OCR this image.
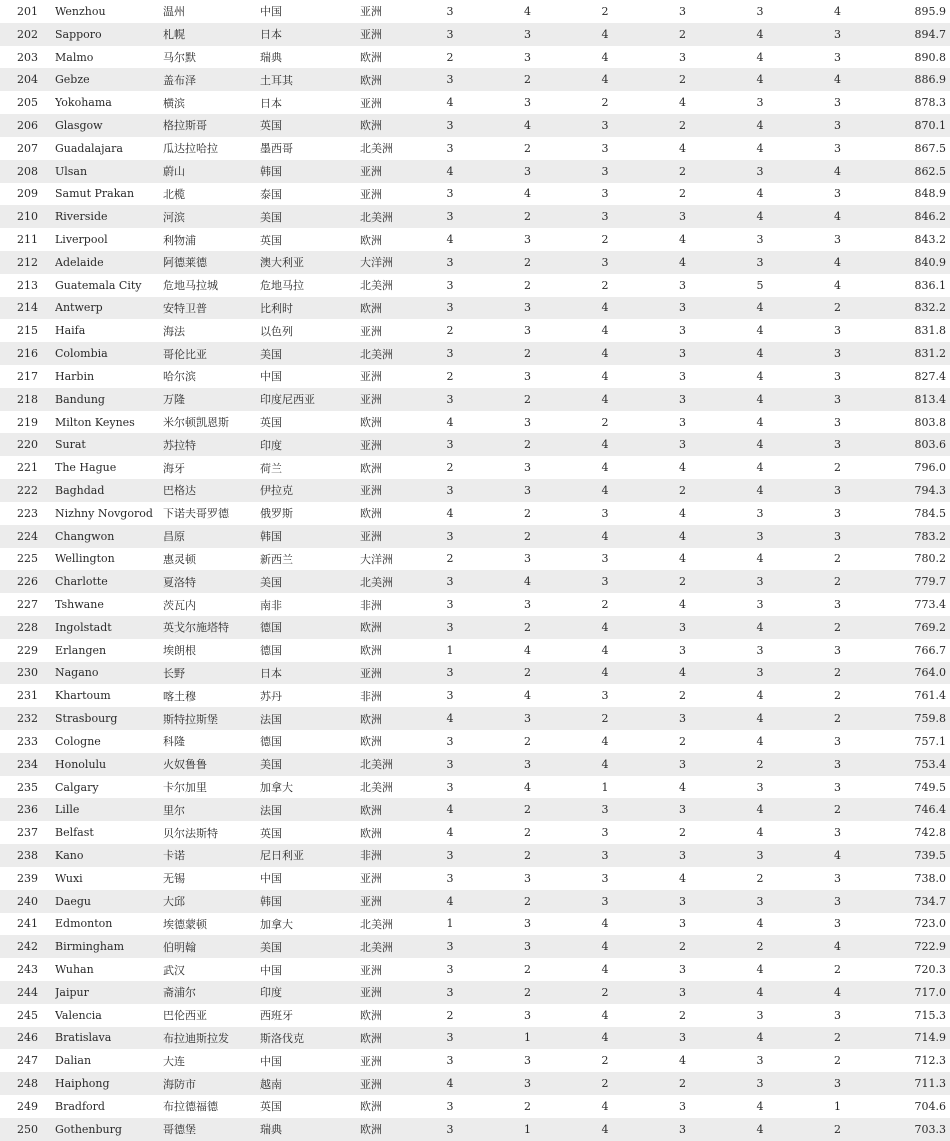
201	Wenzhou	温州	中国	亚洲	3	4	2	3	3	4	895.9
202	Sapporo	札幌	日本	亚洲	3	3	4	2	4	3	894.7
203	Malmo	马尔默	瑞典	欧洲	2	3	4	3	4	3	890.8
204	Gebze	盖布泽	土耳其	欧洲	3	2	4	2	4	4	886.9
205	Yokohama	横滨	日本	亚洲	4	3	2	4	3	3	878.3
206	Glasgow	格拉斯哥	英国	欧洲	3	4	3	2	4	3	870.1
207	Guadalajara	瓜达拉哈拉	墨西哥	北美洲	3	2	3	4	4	3	867.5
208	Ulsan	蔚山	韩国	亚洲	4	3	3	2	3	4	862.5
209	Samut Prakan	北榄	泰国	亚洲	3	4	3	2	4	3	848.9
210	Riverside	河滨	美国	北美洲	3	2	3	3	4	4	846.2
211	Liverpool	利物浦	英国	欧洲	4	3	2	4	3	3	843.2
212	Adelaide	阿德莱德	澳大利亚	大洋洲	3	2	3	4	3	4	840.9
213	Guatemala City	危地马拉城	危地马拉	北美洲	3	2	2	3	5	4	836.1
214	Antwerp	安特卫普	比利时	欧洲	3	3	4	3	4	2	832.2
215	Haifa	海法	以色列	亚洲	2	3	4	3	4	3	831.8
216	Colombia	哥伦比亚	美国	北美洲	3	2	4	3	4	3	831.2
217	Harbin	哈尔滨	中国	亚洲	2	3	4	3	4	3	827.4
218	Bandung	万隆	印度尼西亚	亚洲	3	2	4	3	4	3	813.4
219	Milton Keynes	米尔顿凯恩斯	英国	欧洲	4	3	2	3	4	3	803.8
220	Surat	苏拉特	印度	亚洲	3	2	4	3	4	3	803.6
221	The Hague	海牙	荷兰	欧洲	2	3	4	4	4	2	796.0
222	Baghdad	巴格达	伊拉克	亚洲	3	3	4	2	4	3	794.3
223	Nizhny Novgorod	下诺夫哥罗德	俄罗斯	欧洲	4	2	3	4	3	3	784.5
224	Changwon	昌原	韩国	亚洲	3	2	4	4	3	3	783.2
225	Wellington	惠灵顿	新西兰	大洋洲	2	3	3	4	4	2	780.2
226	Charlotte	夏洛特	美国	北美洲	3	4	3	2	3	2	779.7
227	Tshwane	茨瓦内	南非	非洲	3	3	2	4	3	3	773.4
228	Ingolstadt	英戈尔施塔特	德国	欧洲	3	2	4	3	4	2	769.2
229	Erlangen	埃朗根	德国	欧洲	1	4	4	3	3	3	766.7
230	Nagano	长野	日本	亚洲	3	2	4	4	3	2	764.0
231	Khartoum	喀土穆	苏丹	非洲	3	4	3	2	4	2	761.4
232	Strasbourg	斯特拉斯堡	法国	欧洲	4	3	2	3	4	2	759.8
233	Cologne	科隆	德国	欧洲	3	2	4	2	4	3	757.1
234	Honolulu	火奴鲁鲁	美国	北美洲	3	3	4	3	2	3	753.4
235	Calgary	卡尔加里	加拿大	北美洲	3	4	1	4	3	3	749.5
236	Lille	里尔	法国	欧洲	4	2	3	3	4	2	746.4
237	Belfast	贝尔法斯特	英国	欧洲	4	2	3	2	4	3	742.8
238	Kano	卡诺	尼日利亚	非洲	3	2	3	3	3	4	739.5
239	Wuxi	无锡	中国	亚洲	3	3	3	4	2	3	738.0
240	Daegu	大邱	韩国	亚洲	4	2	3	3	3	3	734.7
241	Edmonton	埃德蒙顿	加拿大	北美洲	1	3	4	3	4	3	723.0
242	Birmingham	伯明翰	美国	北美洲	3	3	4	2	2	4	722.9
243	Wuhan	武汉	中国	亚洲	3	2	4	3	4	2	720.3
244	Jaipur	斋浦尔	印度	亚洲	3	2	2	3	4	4	717.0
245	Valencia	巴伦西亚	西班牙	欧洲	2	3	4	2	3	3	715.3
246	Bratislava	布拉迪斯拉发	斯洛伐克	欧洲	3	1	4	3	4	2	714.9
247	Dalian	大连	中国	亚洲	3	3	2	4	3	2	712.3
248	Haiphong	海防市	越南	亚洲	4	3	2	2	3	3	711.3
249	Bradford	布拉德福德	英国	欧洲	3	2	4	3	4	1	704.6
250	Gothenburg	哥德堡	瑞典	欧洲	3	1	4	3	4	2	703.3
